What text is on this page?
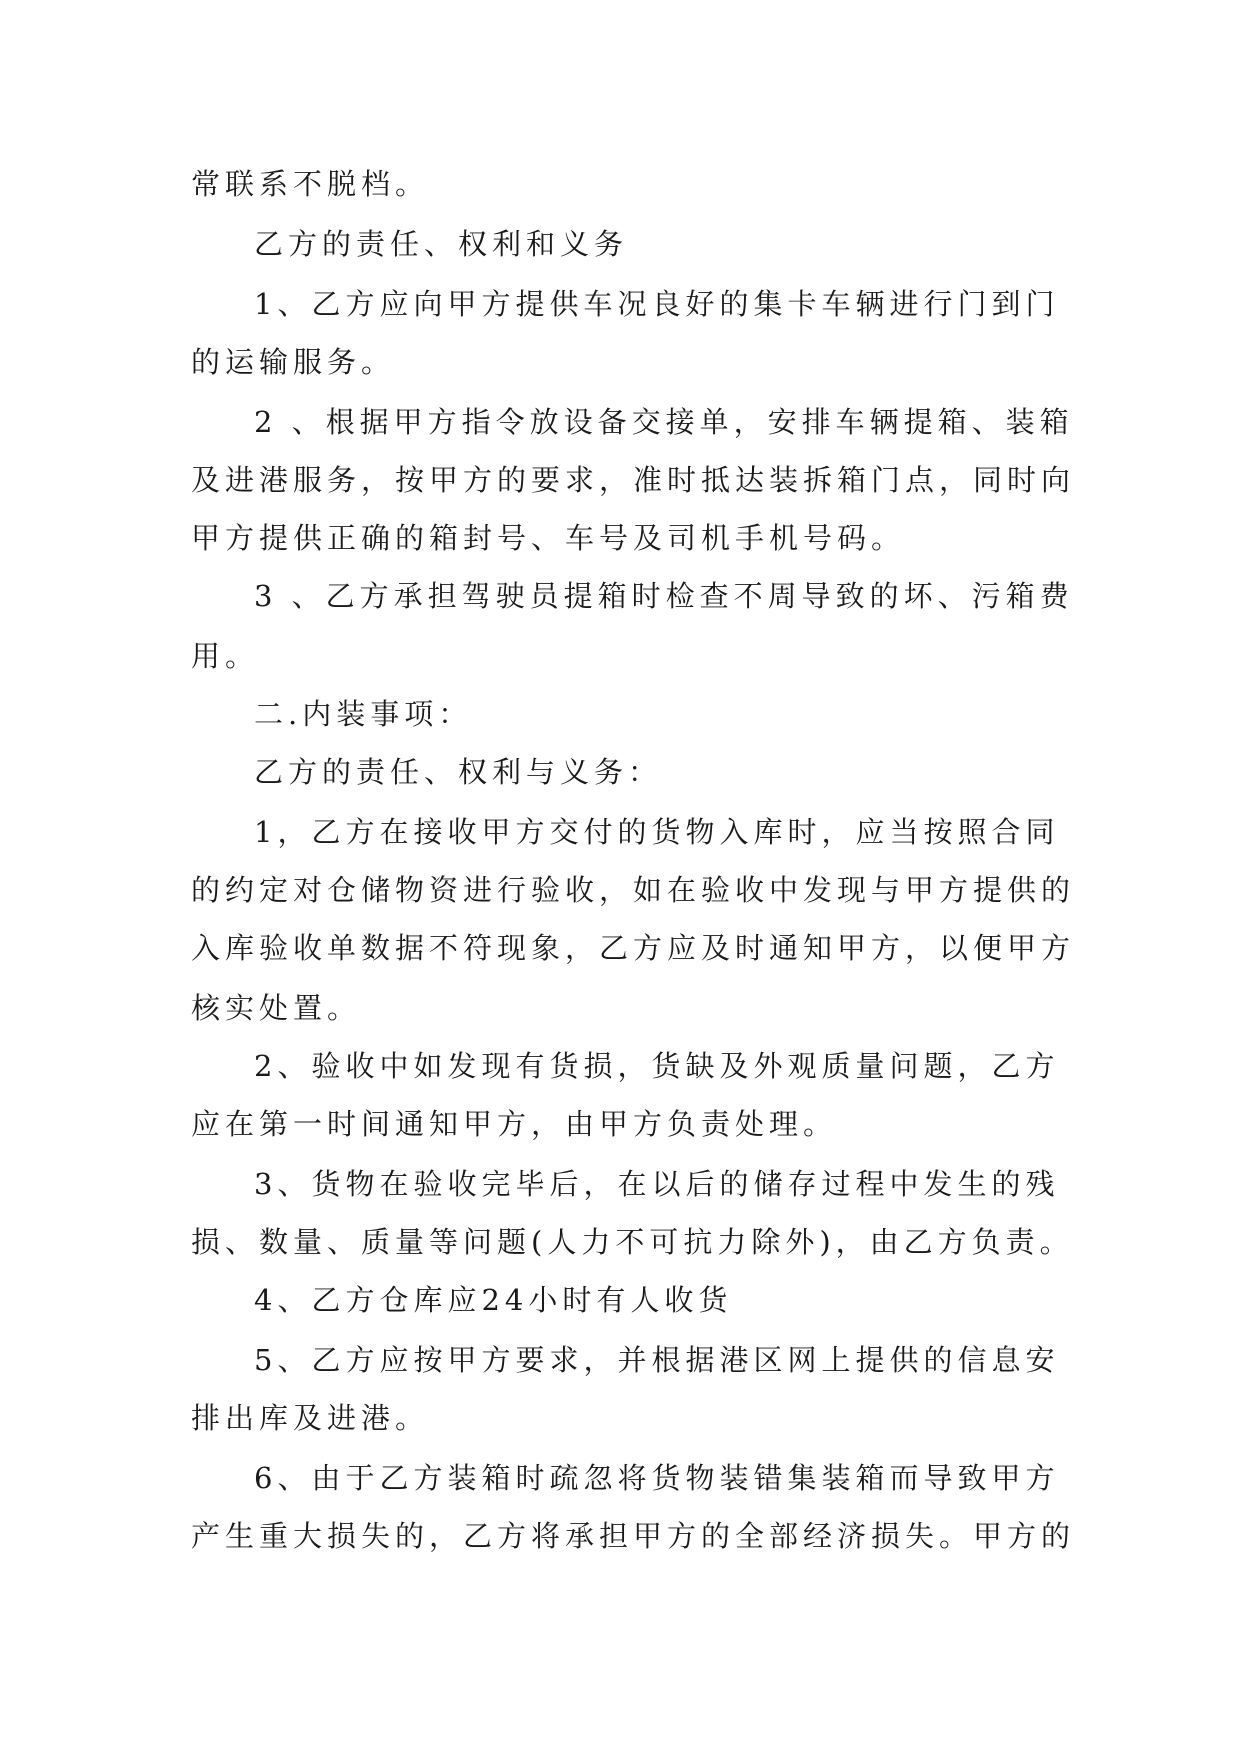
常联系不脱档。
乙方的责任、权利和义务
1、乙方应向甲方提供车况良好的集卡车辆进行门到门
的运输服务。
2 、根据甲方指令放设备交接单，安排车辆提箱、装箱
及进港服务，按甲方的要求，准时抵达装拆箱门点，同时向
甲方提供正确的箱封号、车号及司机手机号码。
3 、乙方承担驾驶员提箱时检查不周导致的坏、污箱费
用。
二.内装事项：
乙方的责任、权利与义务：
1，乙方在接收甲方交付的货物入库时，应当按照合同
的约定对仓储物资进行验收，如在验收中发现与甲方提供的
入库验收单数据不符现象，乙方应及时通知甲方，以便甲方
核实处置。
2、验收中如发现有货损，货缺及外观质量问题，乙方
应在第一时间通知甲方，由甲方负责处理。
3、货物在验收完毕后，在以后的储存过程中发生的残
损、数量、质量等问题(人力不可抗力除外)，由乙方负责。
4、乙方仓库应24小时有人收货
5、乙方应按甲方要求，并根据港区网上提供的信息安
排出库及进港。
6、由于乙方装箱时疏忽将货物装错集装箱而导致甲方
产生重大损失的，乙方将承担甲方的全部经济损失。甲方的
